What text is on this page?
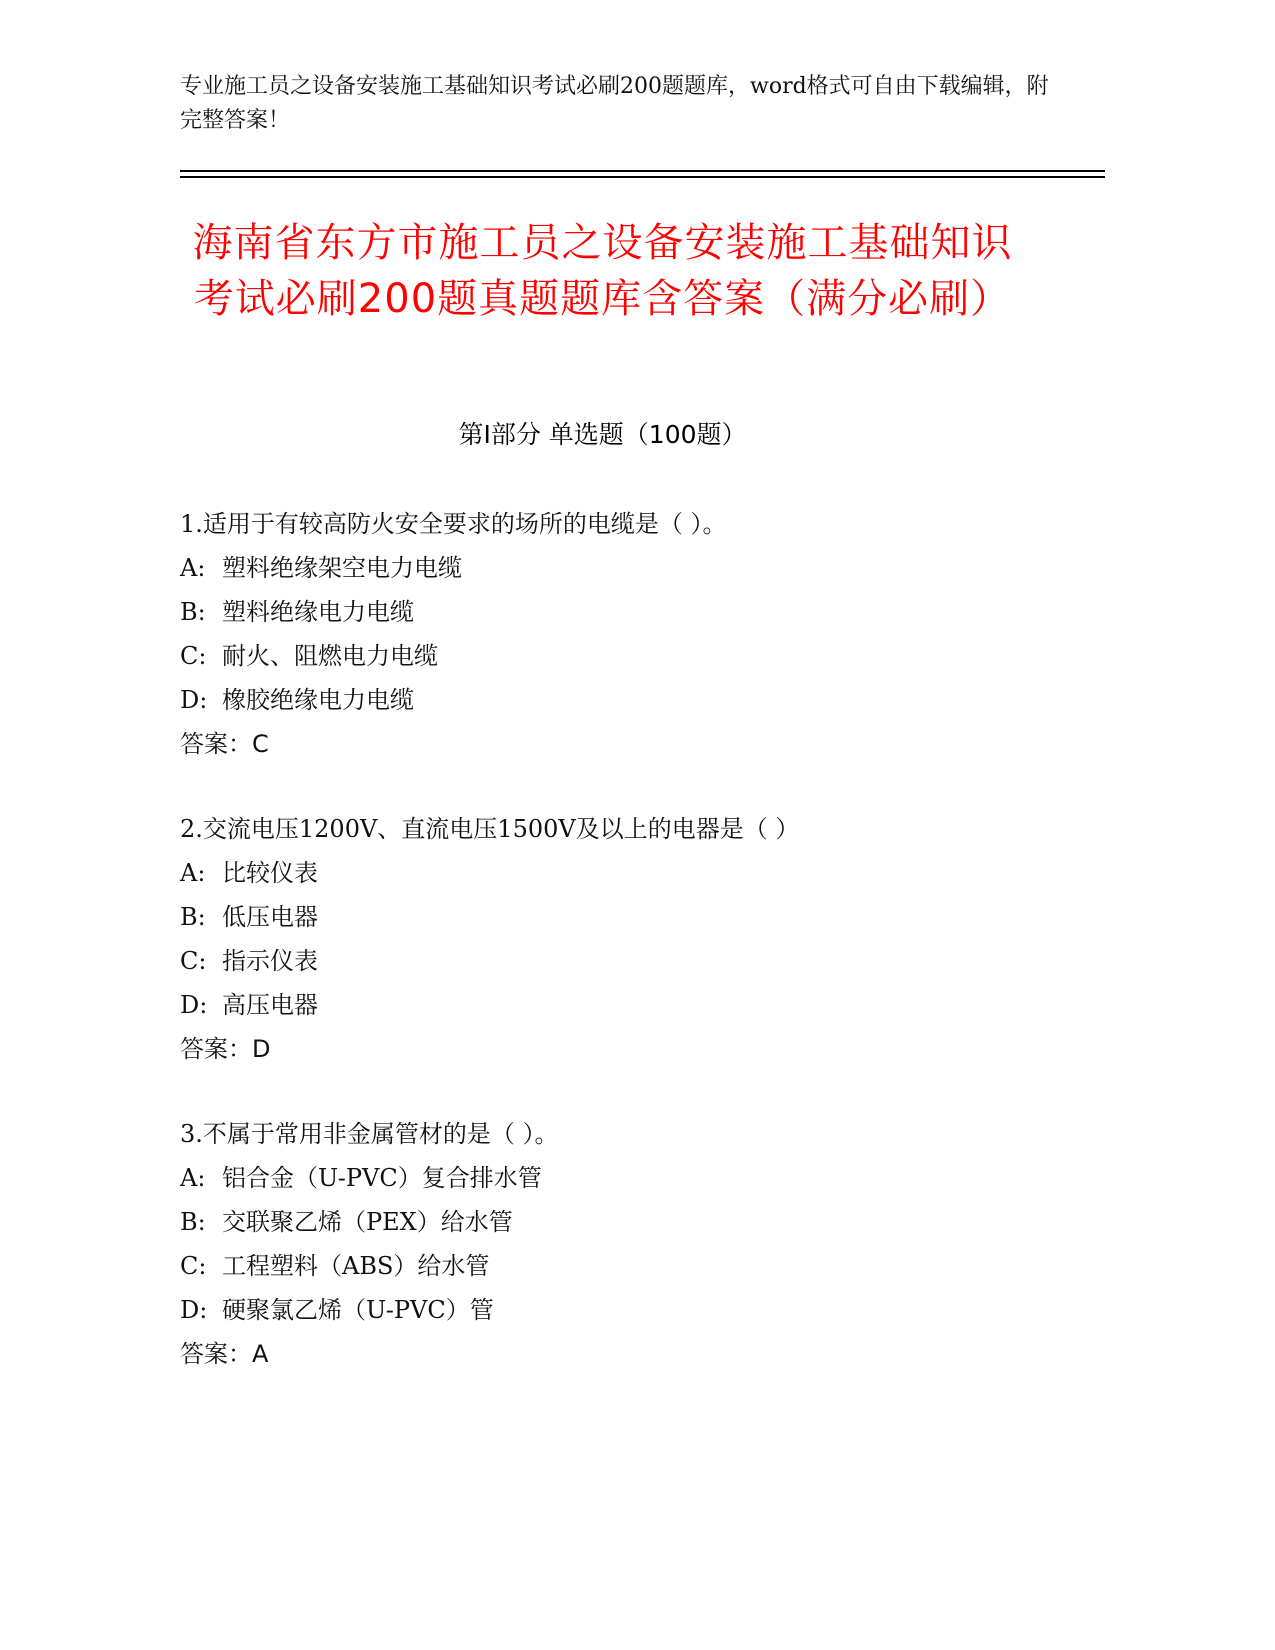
专业施工员之设备安装施工基础知识考试必刷200题题库，word格式可自由下载编辑，附完整答案！
海南省东方市施工员之设备安装施工基础知识考试必刷200题真题题库含答案（满分必刷）
第Ⅰ部分 单选题（100题）
1.适用于有较高防火安全要求的场所的电缆是（ ）。
A: 塑料绝缘架空电力电缆
B: 塑料绝缘电力电缆
C: 耐火、阻燃电力电缆
D: 橡胶绝缘电力电缆
答案：C
2.交流电压1200V、直流电压1500V及以上的电器是（ ）
A: 比较仪表
B: 低压电器
C: 指示仪表
D: 高压电器
答案：D
3.不属于常用非金属管材的是（ ）。
A: 铝合金（U-PVC）复合排水管
B: 交联聚乙烯（PEX）给水管
C: 工程塑料（ABS）给水管
D: 硬聚氯乙烯（U-PVC）管
答案：A
